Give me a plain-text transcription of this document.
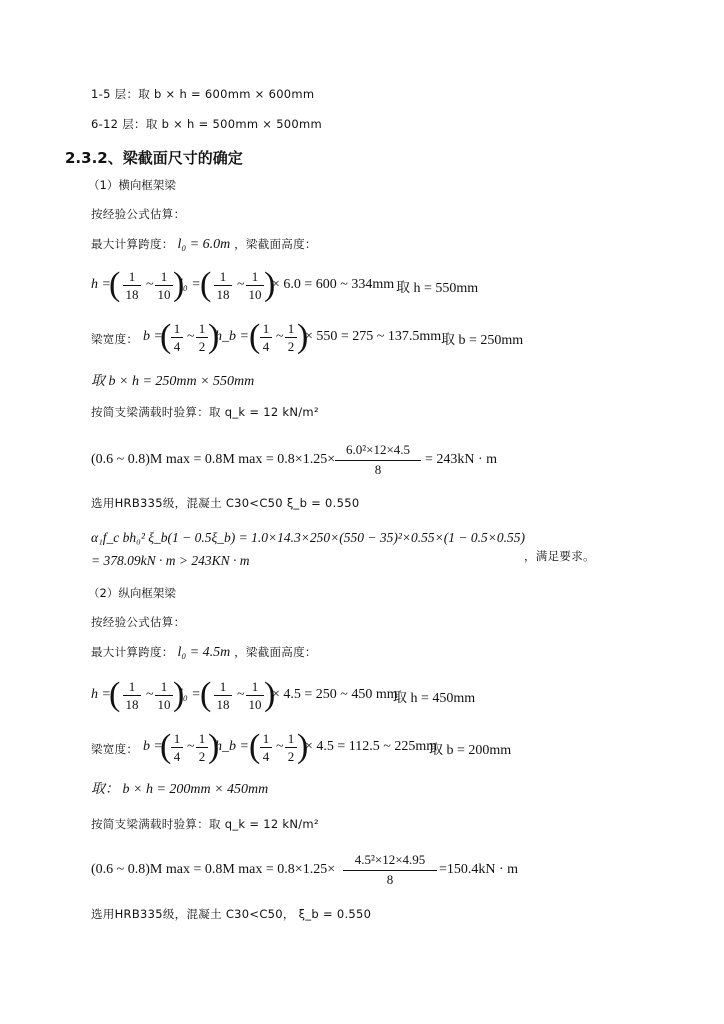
1-5 层：取 b × h = 600mm × 600mm
6-12 层：取 b × h = 500mm × 500mm
2.3.2、梁截面尺寸的确定
（1）横向框架梁
按经验公式估算：
最大计算跨度： l₀ = 6.0m ，梁截面高度：
h =
( 1
18
~
1
10 )
l₀ = ( 1
18
~
1
10 )
× 6.0 = 600 ~ 334mm 取 h = 550mm
梁宽度： b =
( 1
4
~
1
2 )
h_b = ( 1
4
~
1
2 )
× 550 = 275 ~ 137.5mm 取 b = 250mm
取 b × h = 250mm × 550mm
按简支梁满载时验算：取 q_k = 12 kN/m²
(0.6 ~ 0.8)M max = 0.8M max = 0.8×1.25×
6.0²×12×4.5
8
= 243kN · m
选用HRB335级，混凝土 C30<C50 ξ_b = 0.550
α₁f_c bh₀² ξ_b(1 − 0.5ξ_b) = 1.0×14.3×250×(550 − 35)²×0.55×(1 − 0.5×0.55)
，满足要求。
= 378.09kN · m > 243KN · m
（2）纵向框架梁
按经验公式估算：
最大计算跨度： l₀ = 4.5m ，梁截面高度：
h =
( 1
18
~
1
10 )
l₀ = ( 1
18
~
1
10 )
× 4.5 = 250 ~ 450 mm
取 h = 450mm
梁宽度： b =
( 1
4
~
1
2 )
h_b = ( 1
4
~
1
2 )
× 4.5 = 112.5 ~ 225mm
取 b = 200mm
取： b × h = 200mm × 450mm
按简支梁满载时验算：取 q_k = 12 kN/m²
(0.6 ~ 0.8)M max = 0.8M max = 0.8×1.25×
4.5²×12×4.95
8
=150.4kN · m
选用HRB335级，混凝土 C30<C50， ξ_b = 0.550
